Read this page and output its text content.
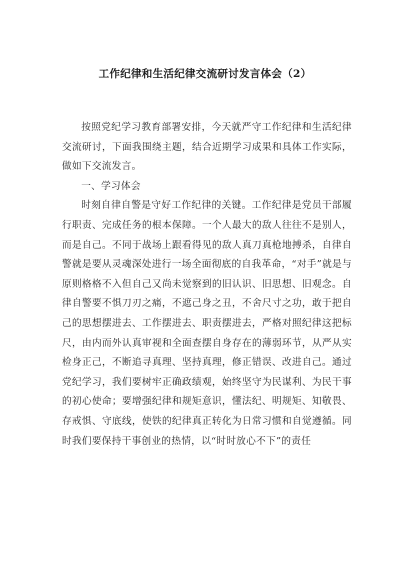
工作纪律和生活纪律交流研讨发言体会（2）

按照党纪学习教育部署安排，今天就严守工作纪律和生活纪律交流研讨，下面我围绕主题，结合近期学习成果和具体工作实际，做如下交流发言。

一、学习体会

时刻自律自警是守好工作纪律的关键。工作纪律是党员干部履行职责、完成任务的根本保障。一个人最大的敌人往往不是别人，而是自己。不同于战场上跟看得见的敌人真刀真枪地搏杀，自律自警就是要从灵魂深处进行一场全面彻底的自我革命，“对手”就是与原则格格不入但自己又尚未觉察到的旧认识、旧思想、旧观念。自律自警要不惧刀刃之痛，不遮己身之丑，不舍尺寸之功，敢于把自己的思想摆进去、工作摆进去、职责摆进去，严格对照纪律这把标尺，由内而外认真审视和全面查摆自身存在的薄弱环节，从严从实检身正己，不断追寻真理、坚持真理，修正错误、改进自己。通过党纪学习，我们要树牢正确政绩观，始终坚守为民谋利、为民干事的初心使命；要增强纪律和规矩意识，懂法纪、明规矩、知敬畏、存戒惧、守底线，使铁的纪律真正转化为日常习惯和自觉遵循。同时我们要保持干事创业的热情，以“时时放心不下”的责任
